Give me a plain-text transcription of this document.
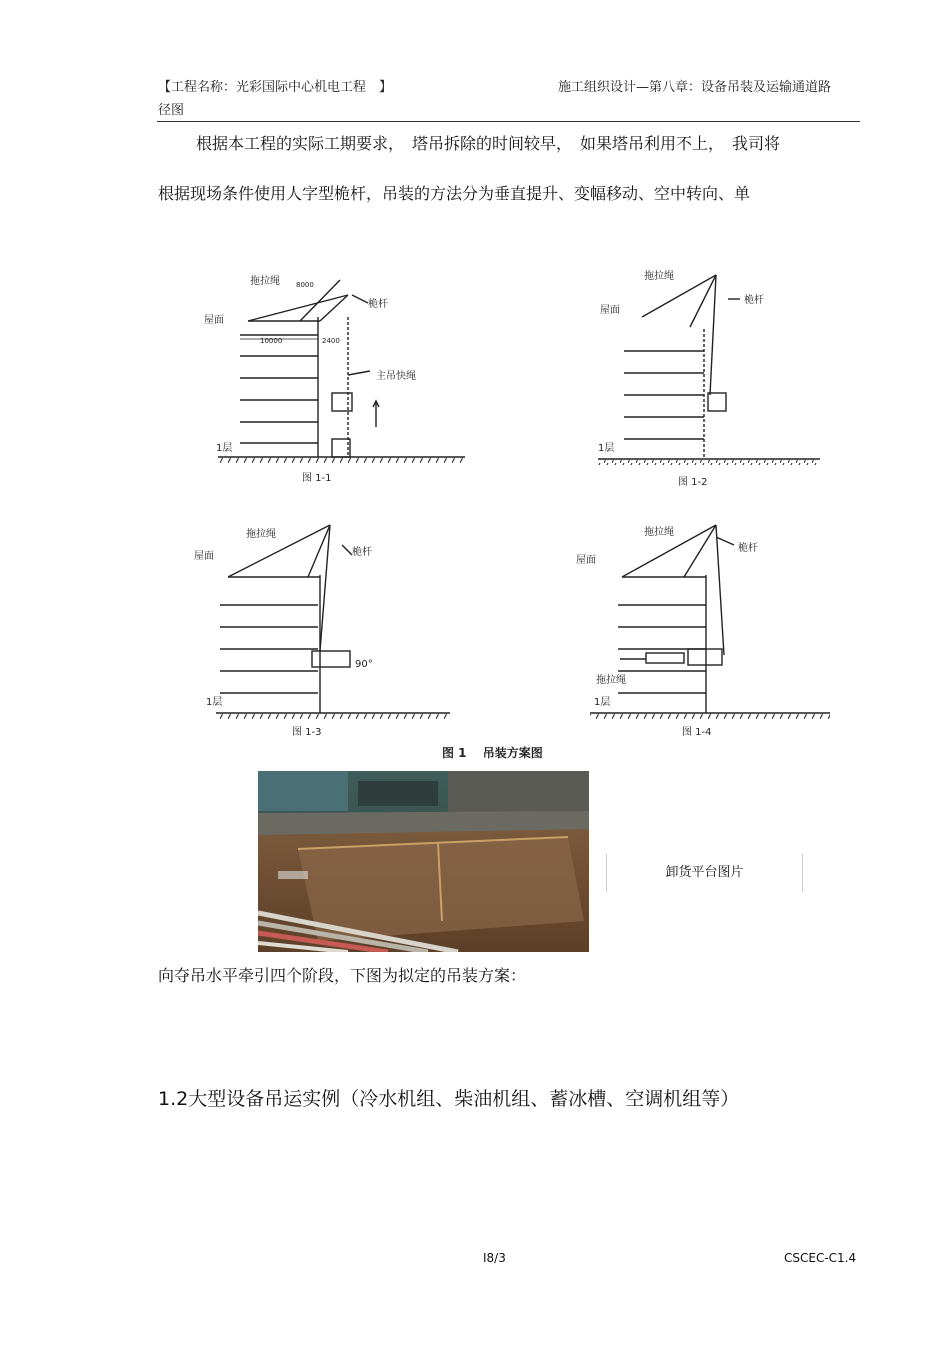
【工程名称：光彩国际中心机电工程　】
径图
施工组织设计—第八章：设备吊装及运输通道路
根据本工程的实际工期要求，　塔吊拆除的时间较早，　如果塔吊利用不上，　我司将
根据现场条件使用人字型桅杆，吊装的方法分为垂直提升、变幅移动、空中转向、单
屋面
拖拉绳 8000
桅杆
10000	2400
主吊快绳
1层
图 1-1
屋面
拖拉绳
桅杆
1层
图 1-2
屋面
拖拉绳
桅杆
90°
1层
图 1-3
屋面
拖拉绳
桅杆
拖拉绳
1层
图 1-4
图 1　 吊装方案图
卸货平台图片
向夺吊水平牵引四个阶段，下图为拟定的吊装方案：
1.2大型设备吊运实例（冷水机组、柴油机组、蓄冰槽、空调机组等）
I8/3	CSCEC-C1.4
